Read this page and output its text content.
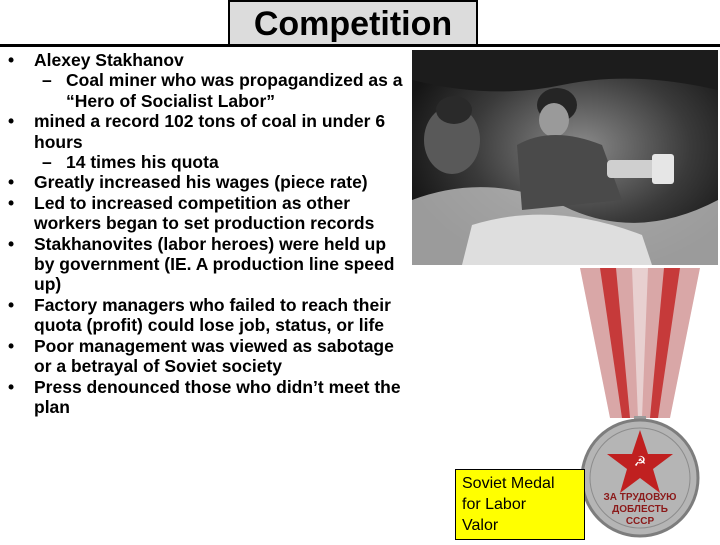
Competition
• Alexey Stakhanov
– Coal miner who was propagandized as a “Hero of Socialist Labor”
• mined a record 102 tons of coal in under 6 hours
– 14 times his quota
• Greatly increased his wages (piece rate)
• Led to increased competition as other workers began to set production records
• Stakhanovites (labor heroes) were held up by government (IE. A production line speed up)
• Factory managers who failed to reach their quota (profit) could lose job, status, or life
• Poor management was viewed as sabotage or a betrayal of Soviet society
• Press denounced those who didn’t meet the plan
☭
ЗА ТРУДОВУЮ
ДОБЛЕСТЬ
СССР
Soviet Medal
for Labor
Valor
